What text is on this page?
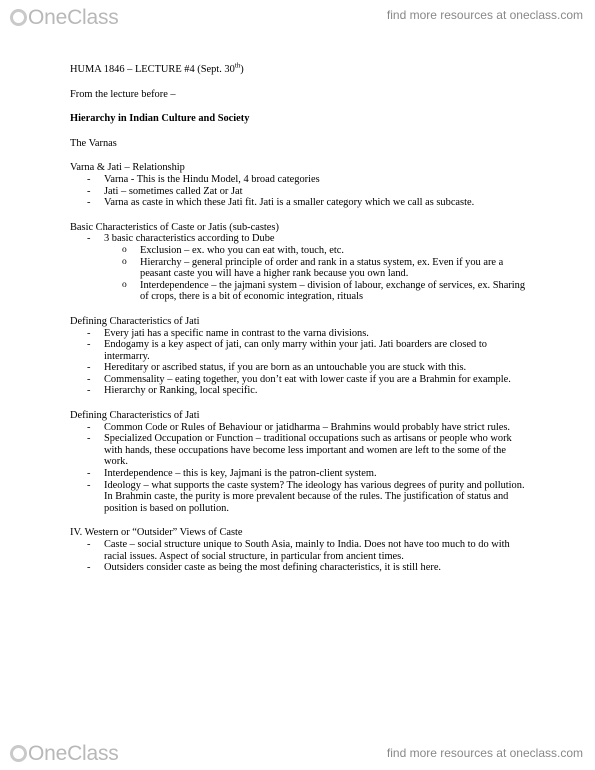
OneClass	find more resources at oneclass.com

HUMA 1846 – LECTURE #4 (Sept. 30th)

From the lecture before –

Hierarchy in Indian Culture and Society

The Varnas

Varna & Jati – Relationship

- Varna - This is the Hindu Model, 4 broad categories
- Jati – sometimes called Zat or Jat
- Varna as caste in which these Jati fit. Jati is a smaller category which we call as subcaste.

Basic Characteristics of Caste or Jatis (sub-castes)

- 3 basic characteristics according to Dube
o Exclusion – ex. who you can eat with, touch, etc.
o Hierarchy – general principle of order and rank in a status system, ex. Even if you are a peasant caste you will have a higher rank because you own land.
o Interdependence – the jajmani system – division of labour, exchange of services, ex. Sharing of crops, there is a bit of economic integration, rituals

Defining Characteristics of Jati

- Every jati has a specific name in contrast to the varna divisions.
- Endogamy is a key aspect of jati, can only marry within your jati. Jati boarders are closed to intermarry.
- Hereditary or ascribed status, if you are born as an untouchable you are stuck with this.
- Commensality – eating together, you don’t eat with lower caste if you are a Brahmin for example.
- Hierarchy or Ranking, local specific.

Defining Characteristics of Jati

- Common Code or Rules of Behaviour or jatidharma – Brahmins would probably have strict rules.
- Specialized Occupation or Function – traditional occupations such as artisans or people who work with hands, these occupations have become less important and women are left to the some of the work.
- Interdependence – this is key, Jajmani is the patron-client system.
- Ideology – what supports the caste system? The ideology has various degrees of purity and pollution. In Brahmin caste, the purity is more prevalent because of the rules. The justification of status and position is based on pollution.

IV. Western or “Outsider” Views of Caste

- Caste – social structure unique to South Asia, mainly to India. Does not have too much to do with racial issues. Aspect of social structure, in particular from ancient times.
- Outsiders consider caste as being the most defining characteristics, it is still here.
OneClass	find more resources at oneclass.com
